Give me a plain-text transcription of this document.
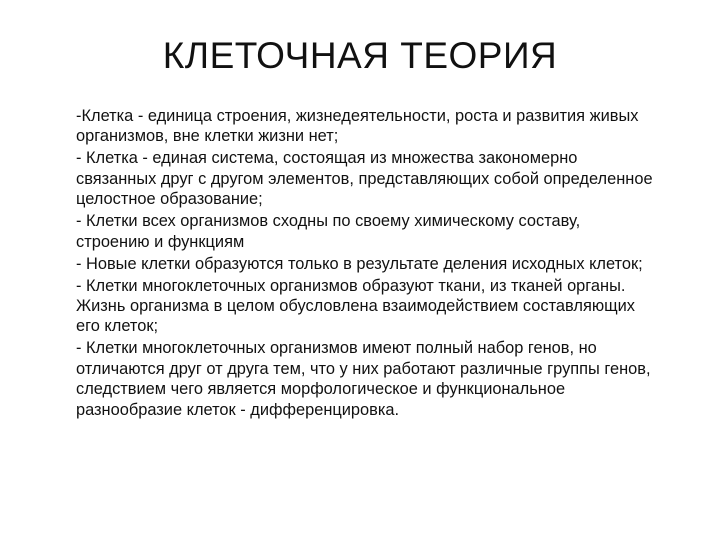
КЛЕТОЧНАЯ ТЕОРИЯ

-Клетка - единица строения, жизнедеятельности, роста и развития живых организмов, вне клетки жизни нет;

- Клетка - единая система, состоящая из множества закономерно связанных друг с другом элементов, представляющих собой определенное целостное образование;

- Клетки всех организмов сходны по своему химическому составу, строению и функциям

- Новые клетки образуются только в результате деления исходных клеток;

- Клетки многоклеточных организмов образуют ткани, из тканей органы. Жизнь организма в целом обусловлена взаимодействием составляющих его клеток;

- Клетки многоклеточных организмов имеют полный набор генов, но отличаются друг от друга тем, что у них работают различные группы генов, следствием чего является морфологическое и функциональное разнообразие клеток - дифференцировка.
